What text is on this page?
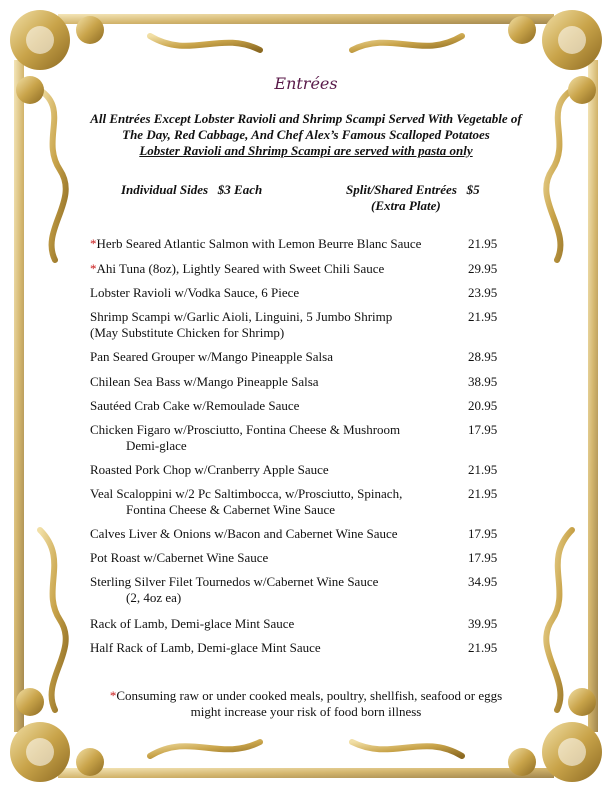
Entrées
All Entrées Except Lobster Ravioli and Shrimp Scampi Served With Vegetable of The Day, Red Cabbage, And Chef Alex’s Famous Scalloped Potatoes
Lobster Ravioli and Shrimp Scampi are served with pasta only
Individual Sides   $3 Each	Split/Shared Entrées   $5
(Extra Plate)
*Herb Seared Atlantic Salmon with Lemon Beurre Blanc Sauce	21.95
*Ahi Tuna (8oz), Lightly Seared with Sweet Chili Sauce	29.95
Lobster Ravioli w/Vodka Sauce, 6 Piece	23.95
Shrimp Scampi w/Garlic Aioli, Linguini, 5 Jumbo Shrimp
(May Substitute Chicken for Shrimp)
21.95
Pan Seared Grouper w/Mango Pineapple Salsa	28.95
Chilean Sea Bass w/Mango Pineapple Salsa	38.95
Sautéed Crab Cake w/Remoulade Sauce	20.95
Chicken Figaro w/Prosciutto, Fontina Cheese & Mushroom
Demi-glace
17.95
Roasted Pork Chop w/Cranberry Apple Sauce	21.95
Veal Scaloppini w/2 Pc Saltimbocca, w/Prosciutto, Spinach,
Fontina Cheese & Cabernet Wine Sauce
21.95
Calves Liver & Onions w/Bacon and Cabernet Wine Sauce	17.95
Pot Roast w/Cabernet Wine Sauce	17.95
Sterling Silver Filet Tournedos w/Cabernet Wine Sauce
(2, 4oz ea)
34.95
Rack of Lamb, Demi-glace Mint Sauce	39.95
Half Rack of Lamb, Demi-glace Mint Sauce	21.95
*Consuming raw or under cooked meals, poultry, shellfish, seafood or eggs might increase your risk of food born illness
